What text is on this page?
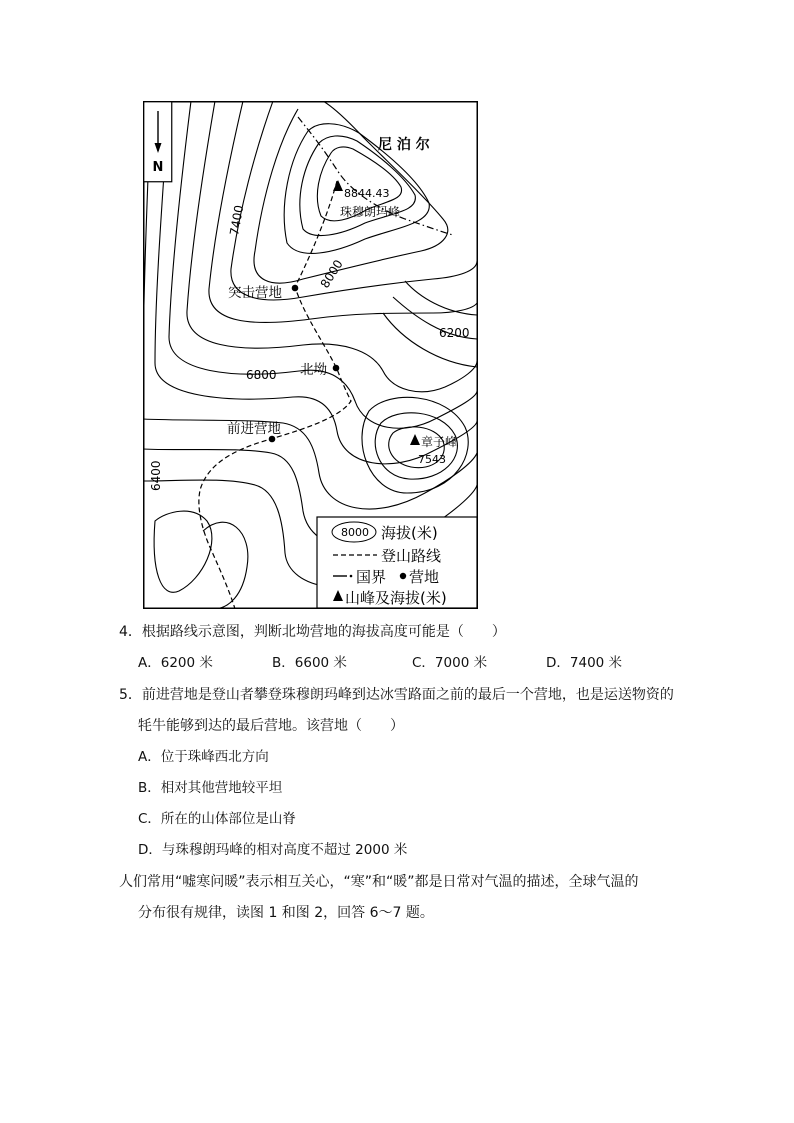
N
尼 泊 尔
8844.43
珠穆朗玛峰
突击营地
北坳
前进营地
章子峰
7543
7400
8000
6200
6800
6400
8000 海拔(米)
登山路线
国界 营地
山峰及海拔(米)
4．根据路线示意图，判断北坳营地的海拔高度可能是（　　）
A．6200 米	B．6600 米	C．7000 米	D．7400 米
5．前进营地是登山者攀登珠穆朗玛峰到达冰雪路面之前的最后一个营地，也是运送物资的
牦牛能够到达的最后营地。该营地（　　）
A．位于珠峰西北方向
B．相对其他营地较平坦
C．所在的山体部位是山脊
D．与珠穆朗玛峰的相对高度不超过 2000 米
人们常用“嘘寒问暖”表示相互关心，“寒”和“暖”都是日常对气温的描述，全球气温的
分布很有规律，读图 1 和图 2，回答 6～7 题。
